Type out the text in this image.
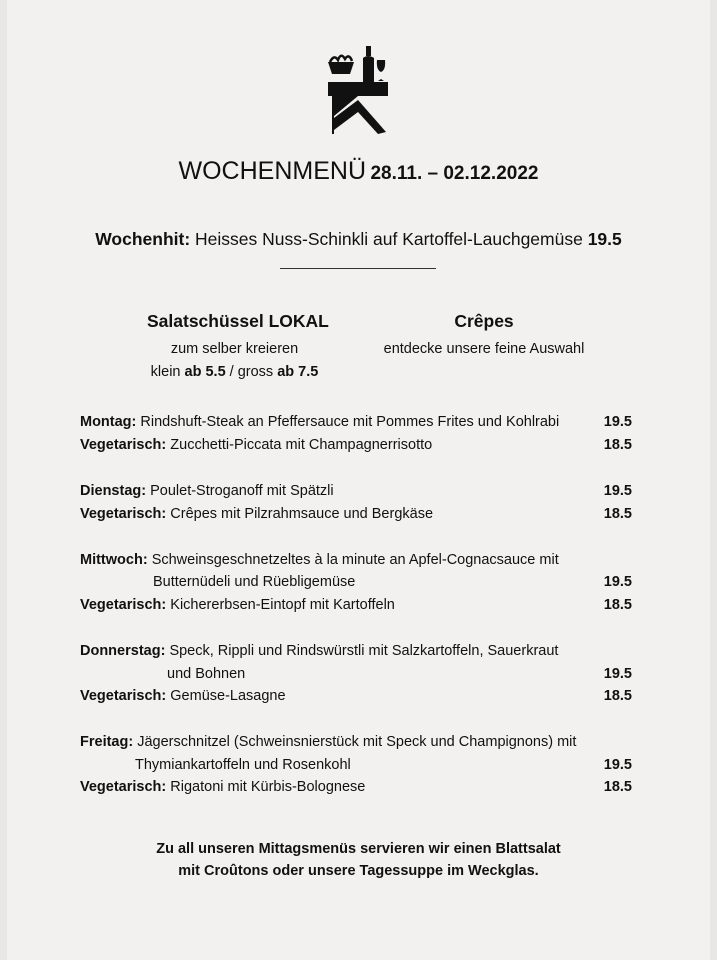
WOCHENMENÜ 28.11. – 02.12.2022
Wochenhit: Heisses Nuss-Schinkli auf Kartoffel-Lauchgemüse 19.5
Salatschüssel LOKAL
zum selber kreieren
klein ab 5.5 / gross ab 7.5
Crêpes
entdecke unsere feine Auswahl
Montag: Rindshuft-Steak an Pfeffersauce mit Pommes Frites und Kohlrabi	19.5
Vegetarisch: Zucchetti-Piccata mit Champagnerrisotto	18.5
Dienstag: Poulet-Stroganoff mit Spätzli	19.5
Vegetarisch: Crêpes mit Pilzrahmsauce und Bergkäse	18.5
Mittwoch: Schweinsgeschnetzeltes à la minute an Apfel-Cognacsauce mit
Butternüdeli und Rüebligemüse	19.5
Vegetarisch: Kichererbsen-Eintopf mit Kartoffeln	18.5
Donnerstag: Speck, Rippli und Rindswürstli mit Salzkartoffeln, Sauerkraut
und Bohnen	19.5
Vegetarisch: Gemüse-Lasagne	18.5
Freitag: Jägerschnitzel (Schweinsnierstück mit Speck und Champignons) mit
Thymiankartoffeln und Rosenkohl	19.5
Vegetarisch: Rigatoni mit Kürbis-Bolognese	18.5
Zu all unseren Mittagsmenüs servieren wir einen Blattsalat
mit Croûtons oder unsere Tagessuppe im Weckglas.
